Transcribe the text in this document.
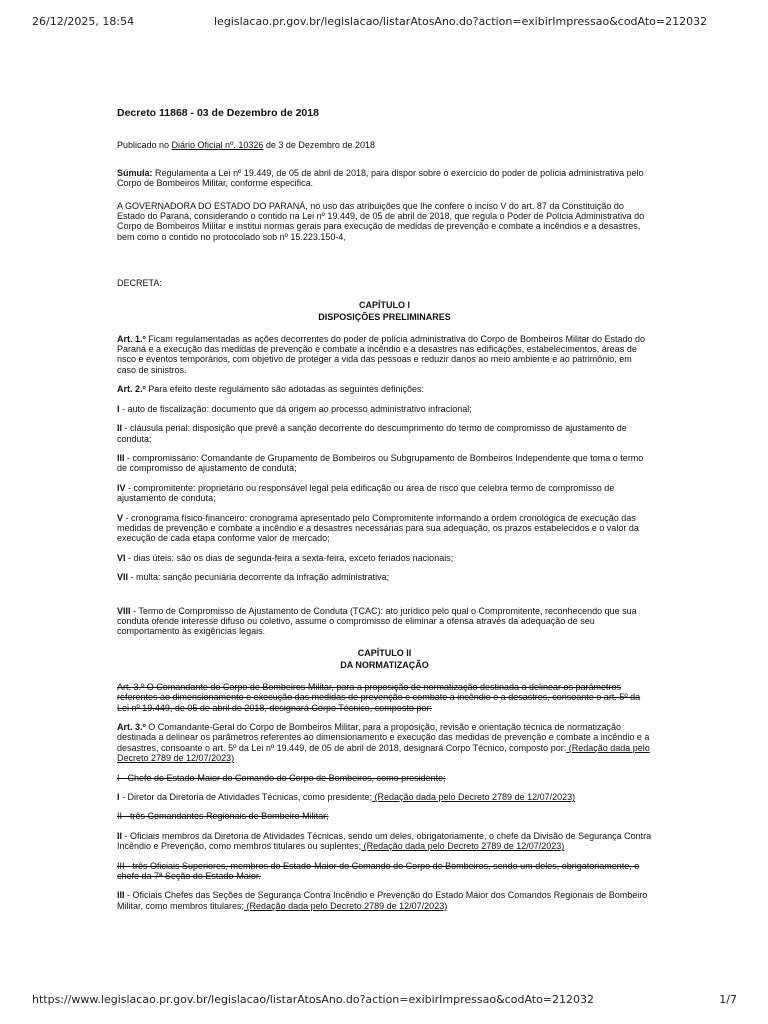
26/12/2025, 18:54	legislacao.pr.gov.br/legislacao/listarAtosAno.do?action=exibirImpressao&codAto=212032
Decreto 11868 - 03 de Dezembro de 2018

Publicado no Diário Oficial nº. 10326 de 3 de Dezembro de 2018

Súmula: Regulamenta a Lei nº 19.449, de 05 de abril de 2018, para dispor sobre o exercício do poder de polícia administrativa pelo Corpo de Bombeiros Militar, conforme especifica.

A GOVERNADORA DO ESTADO DO PARANÁ, no uso das atribuições que lhe confere o inciso V do art. 87 da Constituição do Estado do Paraná, considerando o contido na Lei nº 19.449, de 05 de abril de 2018, que regula o Poder de Polícia Administrativa do Corpo de Bombeiros Militar e institui normas gerais para execução de medidas de prevenção e combate a incêndios e a desastres, bem como o contido no protocolado sob nº 15.223.150-4,

DECRETA:

CAPÍTULO I
DISPOSIÇÕES PRELIMINARES

Art. 1.º Ficam regulamentadas as ações decorrentes do poder de polícia administrativa do Corpo de Bombeiros Militar do Estado do Paraná e a execução das medidas de prevenção e combate a incêndio e a desastres nas edificações, estabelecimentos, áreas de risco e eventos temporários, com objetivo de proteger a vida das pessoas e reduzir danos ao meio ambiente e ao patrimônio, em caso de sinistros.

Art. 2.º Para efeito deste regulamento são adotadas as seguintes definições:

I - auto de fiscalização: documento que dá origem ao processo administrativo infracional;

II - cláusula penal: disposição que prevê a sanção decorrente do descumprimento do termo de compromisso de ajustamento de conduta;

III - compromissário: Comandante de Grupamento de Bombeiros ou Subgrupamento de Bombeiros Independente que toma o termo de compromisso de ajustamento de conduta;

IV - compromitente: proprietário ou responsável legal pela edificação ou área de risco que celebra termo de compromisso de ajustamento de conduta;

V - cronograma físico-financeiro: cronograma apresentado pelo Compromitente informando a ordem cronológica de execução das medidas de prevenção e combate a incêndio e a desastres necessárias para sua adequação, os prazos estabelecidos e o valor da execução de cada etapa conforme valor de mercado;

VI - dias úteis: são os dias de segunda-feira a sexta-feira, exceto feriados nacionais;

VII - multa: sanção pecuniária decorrente da infração administrativa;

VIII - Termo de Compromisso de Ajustamento de Conduta (TCAC): ato jurídico pelo qual o Compromitente, reconhecendo que sua conduta ofende interesse difuso ou coletivo, assume o compromisso de eliminar a ofensa através da adequação de seu comportamento às exigências legais.

CAPÍTULO II
DA NORMATIZAÇÃO

Art. 3.º O Comandante do Corpo de Bombeiros Militar, para a proposição de normatização destinada a delinear os parâmetros referentes ao dimensionamento e execução das medidas de prevenção e combate a incêndio e a desastres, consoante o art. 5º da Lei nº 19.449, de 05 de abril de 2018, designará Corpo Técnico, composto por:

Art. 3.º O Comandante-Geral do Corpo de Bombeiros Militar, para a proposição, revisão e orientação técnica de normatização destinada a delinear os parâmetros referentes ao dimensionamento e execução das medidas de prevenção e combate a incêndio e a desastres, consoante o art. 5º da Lei nº 19.449, de 05 de abril de 2018, designará Corpo Técnico, composto por: (Redação dada pelo Decreto 2789 de 12/07/2023)

I - Chefe do Estado-Maior do Comando do Corpo de Bombeiros, como presidente;

I - Diretor da Diretoria de Atividades Técnicas, como presidente; (Redação dada pelo Decreto 2789 de 12/07/2023)

II - três Comandantes Regionais de Bombeiro Militar;

II - Oficiais membros da Diretoria de Atividades Técnicas, sendo um deles, obrigatoriamente, o chefe da Divisão de Segurança Contra Incêndio e Prevenção, como membros titulares ou suplentes; (Redação dada pelo Decreto 2789 de 12/07/2023)

III - três Oficiais Superiores, membros do Estado-Maior do Comando do Corpo de Bombeiros, sendo um deles, obrigatoriamente, o chefe da 7ª Seção do Estado-Maior.

III - Oficiais Chefes das Seções de Segurança Contra Incêndio e Prevenção do Estado Maior dos Comandos Regionais de Bombeiro Militar, como membros titulares; (Redação dada pelo Decreto 2789 de 12/07/2023)

https://www.legislacao.pr.gov.br/legislacao/listarAtosAno.do?action=exibirImpressao&codAto=212032	1/7
